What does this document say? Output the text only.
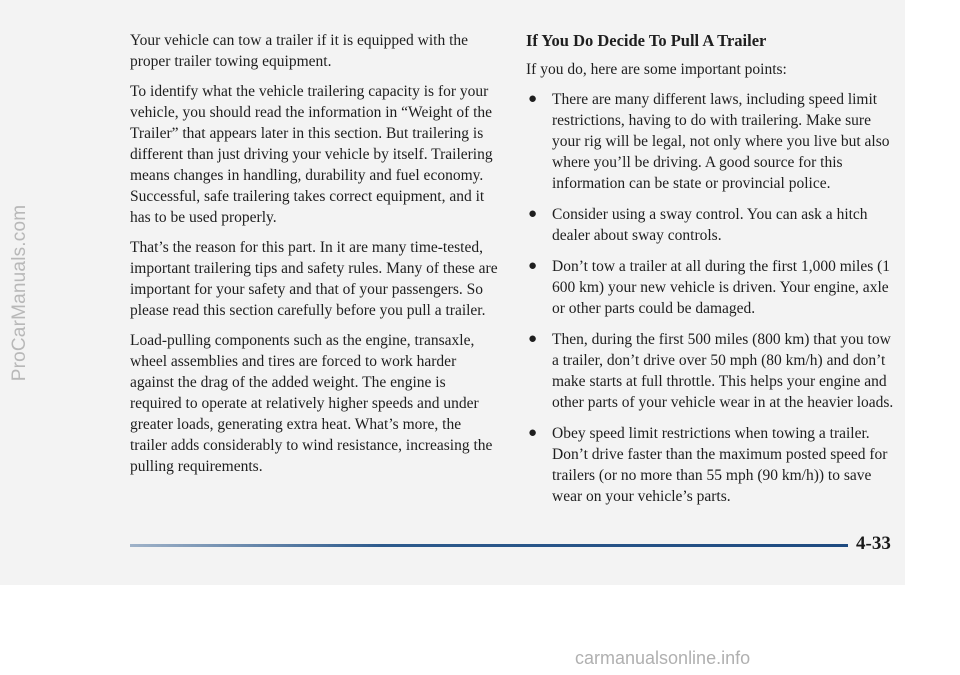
ProCarManuals.com

Your vehicle can tow a trailer if it is equipped with the proper trailer towing equipment.

To identify what the vehicle trailering capacity is for your vehicle, you should read the information in “Weight of the Trailer” that appears later in this section. But trailering is different than just driving your vehicle by itself. Trailering means changes in handling, durability and fuel economy. Successful, safe trailering takes correct equipment, and it has to be used properly.

That’s the reason for this part. In it are many time-tested, important trailering tips and safety rules. Many of these are important for your safety and that of your passengers. So please read this section carefully before you pull a trailer.

Load-pulling components such as the engine, transaxle, wheel assemblies and tires are forced to work harder against the drag of the added weight. The engine is required to operate at relatively higher speeds and under greater loads, generating extra heat. What’s more, the trailer adds considerably to wind resistance, increasing the pulling requirements.

If You Do Decide To Pull A Trailer

If you do, here are some important points:

● There are many different laws, including speed limit restrictions, having to do with trailering. Make sure your rig will be legal, not only where you live but also where you’ll be driving. A good source for this information can be state or provincial police.
● Consider using a sway control. You can ask a hitch dealer about sway controls.
● Don’t tow a trailer at all during the first 1,000 miles (1 600 km) your new vehicle is driven. Your engine, axle or other parts could be damaged.
● Then, during the first 500 miles (800 km) that you tow a trailer, don’t drive over 50 mph (80 km/h) and don’t make starts at full throttle. This helps your engine and other parts of your vehicle wear in at the heavier loads.
● Obey speed limit restrictions when towing a trailer. Don’t drive faster than the maximum posted speed for trailers (or no more than 55 mph (90 km/h)) to save wear on your vehicle’s parts.
4-33
carmanualsonline.info
